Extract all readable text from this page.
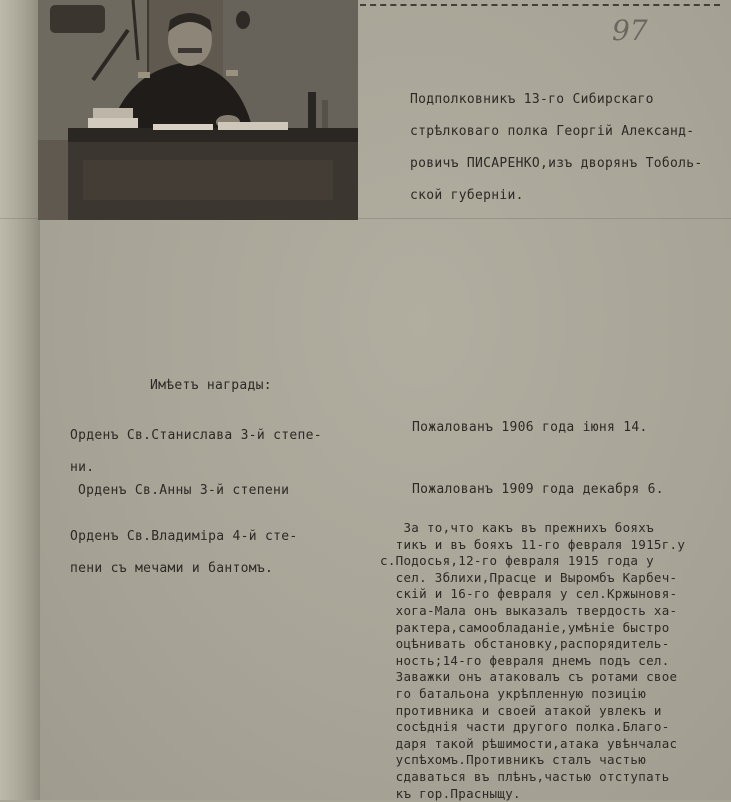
97
Подполковникъ 13-го Сибирскаго
стрѣлковаго полка Георгій Александ-
ровичъ ПИСАРЕНКО,изъ дворянъ Тоболь-
ской губерніи.
Имѣетъ награды:
Орденъ Св.Станислава 3-й степе-
ни.
Пожалованъ 1906 года іюня 14.
Орденъ Св.Анны 3-й степени	Пожалованъ 1909 года декабря 6.
Орденъ Св.Владиміра 4-й сте-
пени съ мечами и бантомъ.
За то,что какъ въ прежнихъ бояхъ
тикъ и въ бояхъ 11-го февраля 1915г.у
с.Подосья,12-го февраля 1915 года у
сел. Зблихи,Прасце и Выромбъ Карбеч-
скій и 16-го февраля у сел.Кржыновя-
хога-Мала онъ выказалъ твердость ха-
рактера,самообладаніе,умѣніе быстро
оцѣнивать обстановку,распорядитель-
ность;14-го февраля днемъ подъ сел.
Заважки онъ атаковалъ съ ротами свое
го батальона укрѣпленную позицію
противника и своей атакой увлекъ и
сосѣднія части другого полка.Благо-
даря такой рѣшимости,атака увѣнчалас
успѣхомъ.Противникъ сталъ частью
сдаваться въ плѣнъ,частью отступать
къ гор.Прасныщу.
